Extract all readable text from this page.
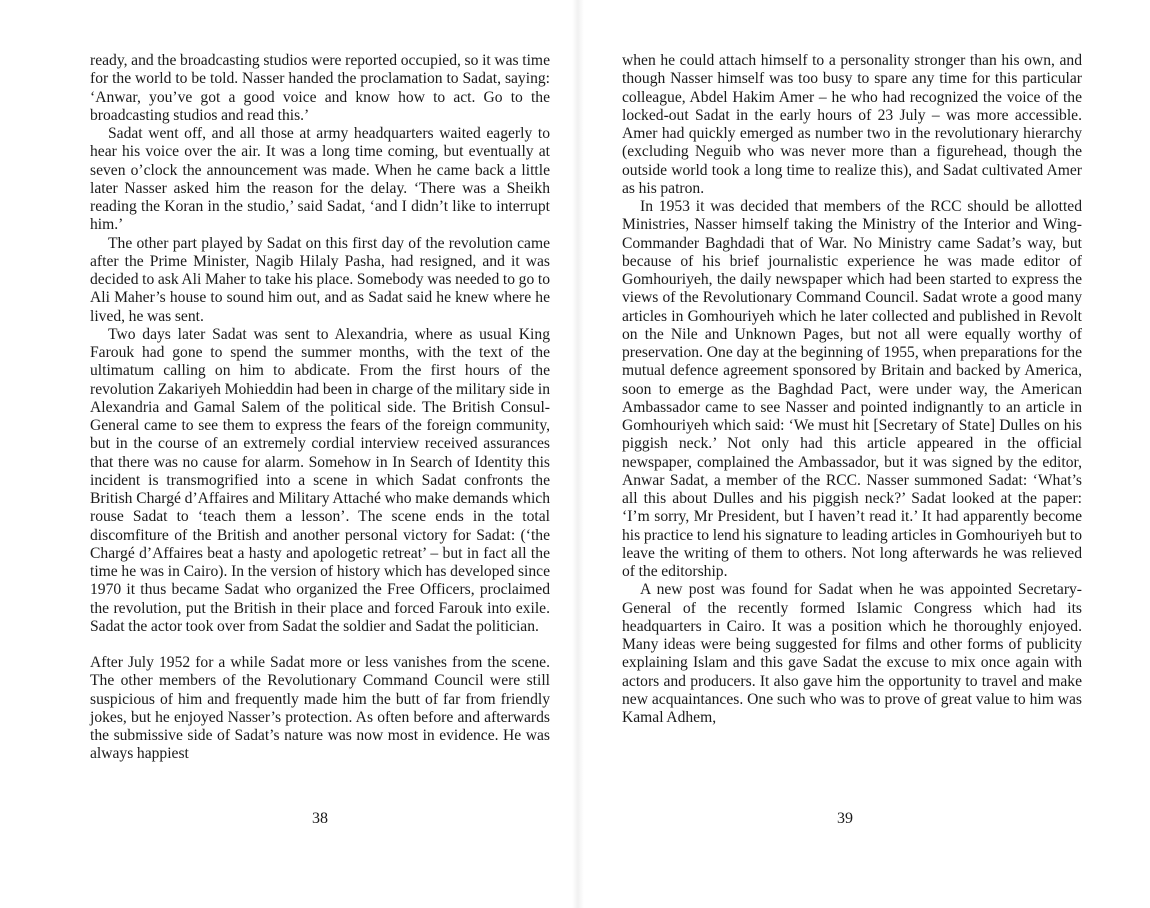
ready, and the broadcasting studios were reported occupied, so it was time for the world to be told. Nasser handed the proclamation to Sadat, saying: ‘Anwar, you’ve got a good voice and know how to act. Go to the broadcasting studios and read this.’

Sadat went off, and all those at army headquarters waited eagerly to hear his voice over the air. It was a long time coming, but eventually at seven o’clock the announcement was made. When he came back a little later Nasser asked him the reason for the delay. ‘There was a Sheikh reading the Koran in the studio,’ said Sadat, ‘and I didn’t like to interrupt him.’

The other part played by Sadat on this first day of the revolution came after the Prime Minister, Nagib Hilaly Pasha, had resigned, and it was decided to ask Ali Maher to take his place. Somebody was needed to go to Ali Maher’s house to sound him out, and as Sadat said he knew where he lived, he was sent.

Two days later Sadat was sent to Alexandria, where as usual King Farouk had gone to spend the summer months, with the text of the ultimatum calling on him to abdicate. From the first hours of the revolution Zakariyeh Mohieddin had been in charge of the military side in Alexandria and Gamal Salem of the political side. The British Consul-General came to see them to express the fears of the foreign community, but in the course of an extremely cordial interview received assurances that there was no cause for alarm. Somehow in In Search of Identity this incident is transmogrified into a scene in which Sadat confronts the British Chargé d’Affaires and Military Attaché who make demands which rouse Sadat to ‘teach them a lesson’. The scene ends in the total discomfiture of the British and another personal victory for Sadat: (‘the Chargé d’Affaires beat a hasty and apologetic retreat’ – but in fact all the time he was in Cairo). In the version of history which has developed since 1970 it thus became Sadat who organized the Free Officers, proclaimed the revolution, put the British in their place and forced Farouk into exile. Sadat the actor took over from Sadat the soldier and Sadat the politician.

After July 1952 for a while Sadat more or less vanishes from the scene. The other members of the Revolutionary Command Council were still suspicious of him and frequently made him the butt of far from friendly jokes, but he enjoyed Nasser’s protection. As often before and afterwards the submissive side of Sadat’s nature was now most in evidence. He was always happiest

38

when he could attach himself to a personality stronger than his own, and though Nasser himself was too busy to spare any time for this particular colleague, Abdel Hakim Amer – he who had recognized the voice of the locked-out Sadat in the early hours of 23 July – was more accessible. Amer had quickly emerged as number two in the revolutionary hierarchy (excluding Neguib who was never more than a figurehead, though the outside world took a long time to realize this), and Sadat cultivated Amer as his patron.

In 1953 it was decided that members of the RCC should be allotted Ministries, Nasser himself taking the Ministry of the Interior and Wing-Commander Baghdadi that of War. No Ministry came Sadat’s way, but because of his brief journalistic experience he was made editor of Gomhouriyeh, the daily newspaper which had been started to express the views of the Revolutionary Command Council. Sadat wrote a good many articles in Gomhouriyeh which he later collected and published in Revolt on the Nile and Unknown Pages, but not all were equally worthy of preservation. One day at the beginning of 1955, when preparations for the mutual defence agreement sponsored by Britain and backed by America, soon to emerge as the Baghdad Pact, were under way, the American Ambassador came to see Nasser and pointed indignantly to an article in Gomhouriyeh which said: ‘We must hit [Secretary of State] Dulles on his piggish neck.’ Not only had this article appeared in the official newspaper, complained the Ambassador, but it was signed by the editor, Anwar Sadat, a member of the RCC. Nasser summoned Sadat: ‘What’s all this about Dulles and his piggish neck?’ Sadat looked at the paper: ‘I’m sorry, Mr President, but I haven’t read it.’ It had apparently become his practice to lend his signature to leading articles in Gomhouriyeh but to leave the writing of them to others. Not long afterwards he was relieved of the editorship.

A new post was found for Sadat when he was appointed Secretary-General of the recently formed Islamic Congress which had its headquarters in Cairo. It was a position which he thoroughly enjoyed. Many ideas were being suggested for films and other forms of publicity explaining Islam and this gave Sadat the excuse to mix once again with actors and producers. It also gave him the opportunity to travel and make new acquaintances. One such who was to prove of great value to him was Kamal Adhem,

39
